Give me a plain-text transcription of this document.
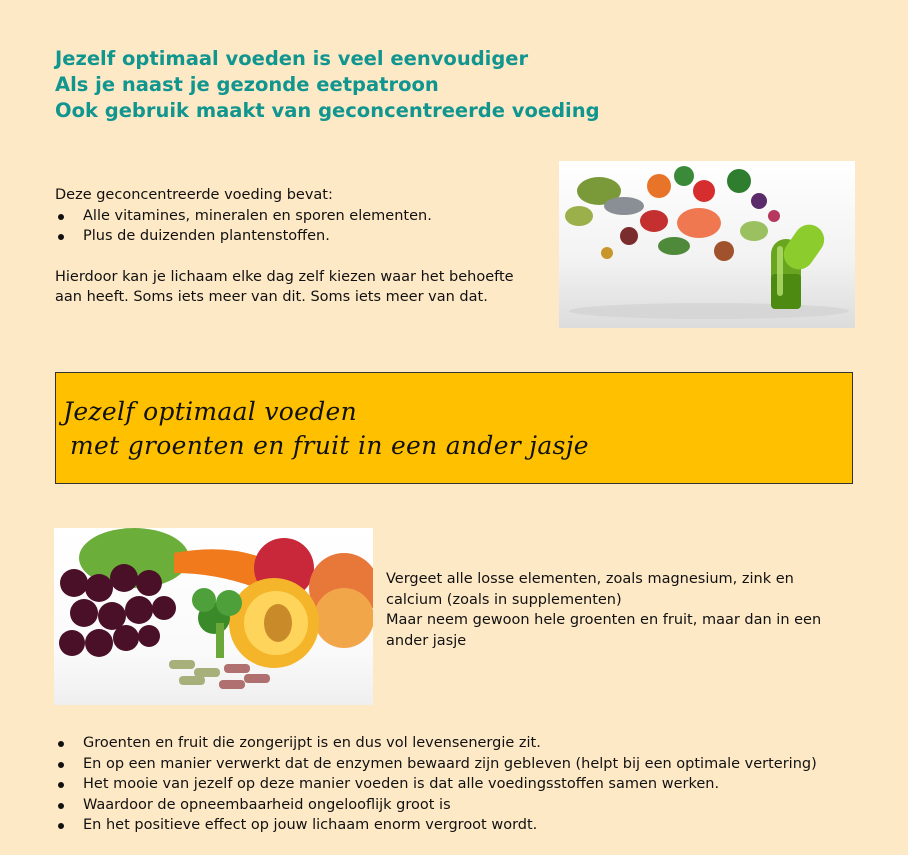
Jezelf optimaal voeden is veel eenvoudiger
Als je naast je gezonde eetpatroon
Ook gebruik maakt van geconcentreerde voeding
Deze geconcentreerde voeding bevat:
Alle vitamines, mineralen en sporen elementen.
Plus de duizenden plantenstoffen.
Hierdoor kan je lichaam elke dag zelf kiezen waar het behoefte
aan heeft. Soms iets meer van dit. Soms iets meer van dat.
Jezelf optimaal voeden
met groenten en fruit in een ander jasje
Vergeet alle losse elementen, zoals magnesium, zink en
calcium (zoals in supplementen)
Maar neem gewoon hele groenten en fruit, maar dan in een
ander jasje
Groenten en fruit die zongerijpt is en dus vol levensenergie zit.
En op een manier verwerkt dat de enzymen bewaard zijn gebleven (helpt bij een optimale vertering)
Het mooie van jezelf op deze manier voeden is dat alle voedingsstoffen samen werken.
Waardoor de opneembaarheid ongelooflijk groot is
En het positieve effect op jouw lichaam enorm vergroot wordt.
